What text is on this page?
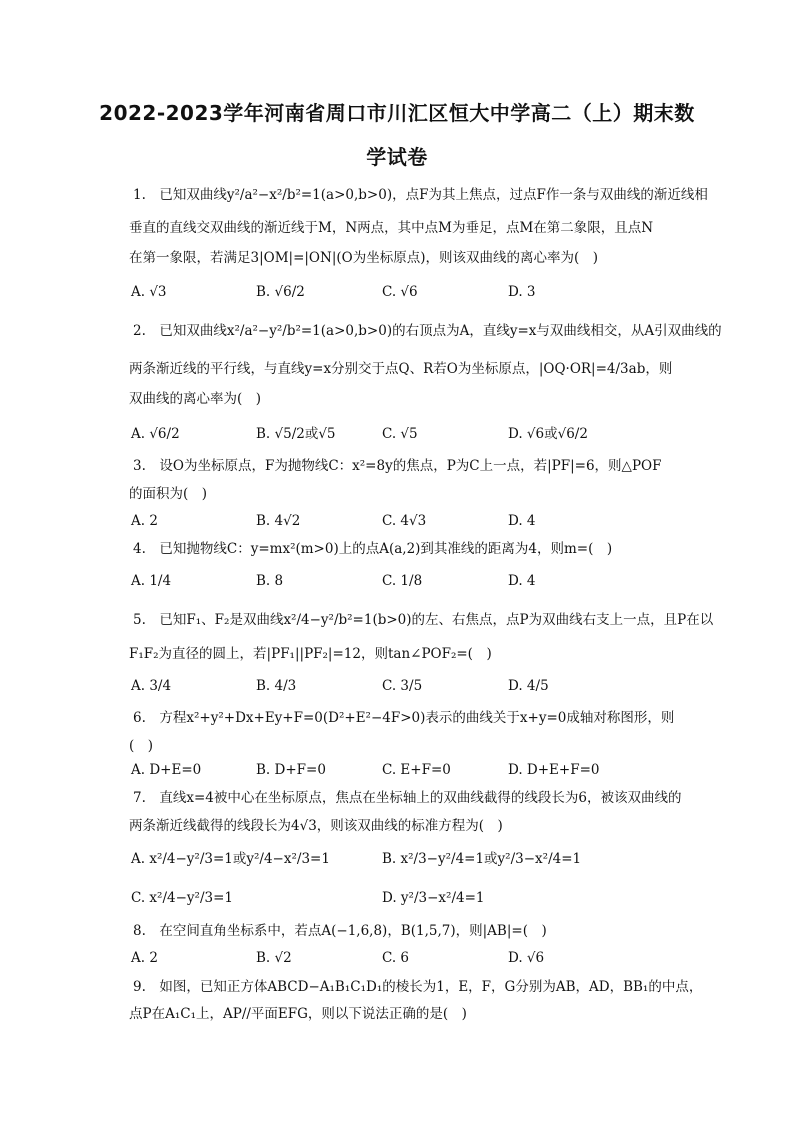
2022-2023学年河南省周口市川汇区恒大中学高二（上）期末数
学试卷
1.　已知双曲线y²/a²−x²/b²=1(a>0,b>0)，点F为其上焦点，过点F作一条与双曲线的渐近线相
垂直的直线交双曲线的渐近线于M，N两点，其中点M为垂足，点M在第二象限，且点N
在第一象限，若满足3|OM|=|ON|(O为坐标原点)，则该双曲线的离心率为(　)
A. √3	B. √6/2	C. √6	D. 3
2.　已知双曲线x²/a²−y²/b²=1(a>0,b>0)的右顶点为A，直线y=x与双曲线相交，从A引双曲线的
两条渐近线的平行线，与直线y=x分别交于点Q、R若O为坐标原点，|OQ·OR|=4/3ab，则
双曲线的离心率为(　)
A. √6/2	B. √5/2或√5	C. √5	D. √6或√6/2
3.　设O为坐标原点，F为抛物线C：x²=8y的焦点，P为C上一点，若|PF|=6，则△POF
的面积为(　)
A. 2	B. 4√2	C. 4√3	D. 4
4.　已知抛物线C：y=mx²(m>0)上的点A(a,2)到其准线的距离为4，则m=(　)
A. 1/4	B. 8	C. 1/8	D. 4
5.　已知F₁、F₂是双曲线x²/4−y²/b²=1(b>0)的左、右焦点，点P为双曲线右支上一点，且P在以
F₁F₂为直径的圆上，若|PF₁||PF₂|=12，则tan∠POF₂=(　)
A. 3/4	B. 4/3	C. 3/5	D. 4/5
6.　方程x²+y²+Dx+Ey+F=0(D²+E²−4F>0)表示的曲线关于x+y=0成轴对称图形，则
(　)
A. D+E=0	B. D+F=0	C. E+F=0	D. D+E+F=0
7.　直线x=4被中心在坐标原点，焦点在坐标轴上的双曲线截得的线段长为6，被该双曲线的
两条渐近线截得的线段长为4√3，则该双曲线的标准方程为(　)
A. x²/4−y²/3=1或y²/4−x²/3=1	B. x²/3−y²/4=1或y²/3−x²/4=1
C. x²/4−y²/3=1	D. y²/3−x²/4=1
8.　在空间直角坐标系中，若点A(−1,6,8)，B(1,5,7)，则|AB|=(　)
A. 2	B. √2	C. 6	D. √6
9.　如图，已知正方体ABCD−A₁B₁C₁D₁的棱长为1，E，F，G分别为AB，AD，BB₁的中点，
点P在A₁C₁上，AP//平面EFG，则以下说法正确的是(　)
